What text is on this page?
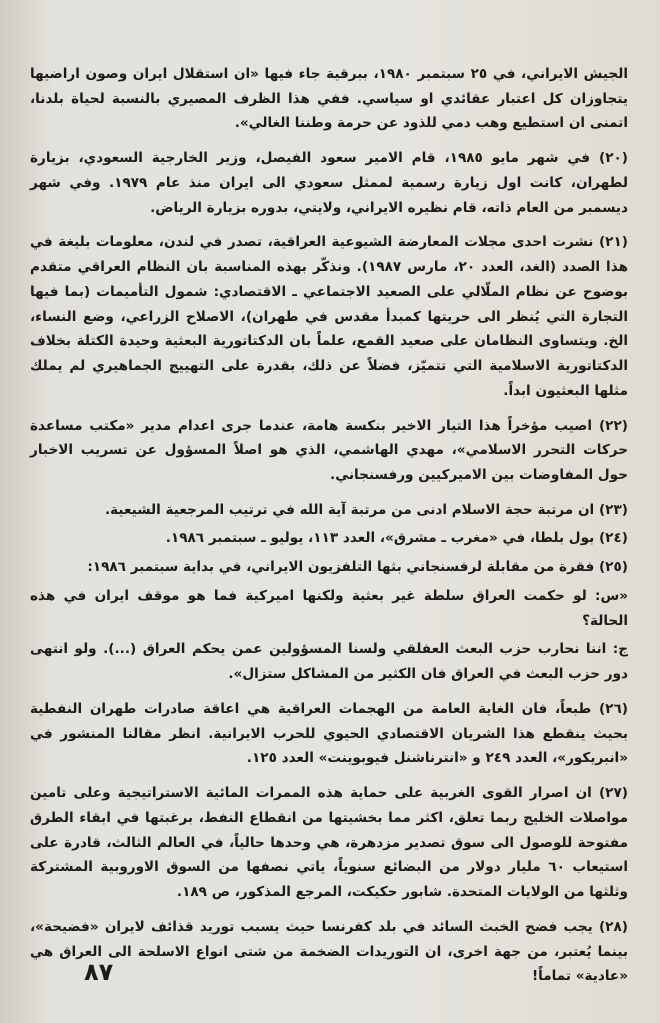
الجيش الايراني، في ٢٥ سبتمبر ١٩٨٠، ببرقية جاء فيها «ان استقلال ايران وصون اراضيها يتجاوزان كل اعتبار عقائدي او سياسي. ففي هذا الظرف المصيري بالنسبة لحياة بلدنا، اتمنى ان استطيع وهب دمي للذود عن حرمة وطننا الغالي».

(٢٠) في شهر مايو ١٩٨٥، قام الامير سعود الفيصل، وزير الخارجية السعودي، بزيارة لطهران، كانت اول زيارة رسمية لممثل سعودي الى ايران منذ عام ١٩٧٩. وفي شهر ديسمبر من العام ذاته، قام نظيره الايراني، ولايتي، بدوره بزيارة الرياض.

(٢١) نشرت احدى مجلات المعارضة الشيوعية العراقية، تصدر في لندن، معلومات بليغة في هذا الصدد (الغد، العدد ٢٠، مارس ١٩٨٧). ونذكّر بهذه المناسبة بان النظام العراقي متقدم بوضوح عن نظام الملّالي على الصعيد الاجتماعي ـ الاقتصادي: شمول التأميمات (بما فيها التجارة التي يُنظر الى حريتها كمبدأ مقدس في طهران)، الاصلاح الزراعي، وضع النساء، الخ. ويتساوى النظامان على صعيد القمع، علماً بان الدكتاتورية البعثية وحيدة الكتلة بخلاف الدكتاتورية الاسلامية التي تتميّز، فضلاً عن ذلك، بقدرة على التهييج الجماهيري لم يملك مثلها البعثيون ابداً.

(٢٢) اصيب مؤخراً هذا التيار الاخير بنكسة هامة، عندما جرى اعدام مدير «مكتب مساعدة حركات التحرر الاسلامي»، مهدي الهاشمي، الذي هو اصلاً المسؤول عن تسريب الاخبار حول المفاوضات بين الاميركيين ورفسنجاني.

(٢٣) ان مرتبة حجة الاسلام ادنى من مرتبة آية الله في ترتيب المرجعية الشيعية.

(٢٤) بول بلطا، في «مغرب ـ مشرق»، العدد ١١٣، يوليو ـ سبتمبر ١٩٨٦.

(٢٥) فقرة من مقابلة لرفسنجاني بثها التلفزيون الايراني، في بداية سبتمبر ١٩٨٦:

«س: لو حكمت العراق سلطة غير بعثية ولكنها اميركية فما هو موقف ايران في هذه الحالة؟

ج: اننا نحارب حزب البعث العفلقي ولسنا المسؤولين عمن يحكم العراق (...). ولو انتهى دور حزب البعث في العراق فان الكثير من المشاكل ستزال».

(٢٦) طبعاً، فان الغاية العامة من الهجمات العراقية هي اعاقة صادرات طهران النفطية بحيث ينقطع هذا الشريان الاقتصادي الحيوي للحرب الايرانية. انظر مقالنا المنشور في «انبريكور»، العدد ٢٤٩ و «انترناشنل فيوبوينت» العدد ١٢٥.

(٢٧) ان اصرار القوى الغربية على حماية هذه الممرات المائية الاستراتيجية وعلى تامين مواصلات الخليج ربما تعلق، اكثر مما بخشيتها من انقطاع النفط، برغبتها في ابقاء الطرق مفتوحة للوصول الى سوق تصدير مزدهرة، هي وحدها حالياً، في العالم الثالث، قادرة على استيعاب ٦٠ مليار دولار من البضائع سنوياً، ياتي نصفها من السوق الاوروبية المشتركة وثلثها من الولايات المتحدة. شابور حكيكت، المرجع المذكور، ص ١٨٩.

(٢٨) يجب فضح الخبث السائد في بلد كفرنسا حيث يسبب توريد قذائف لايران «فضيحة»، بينما يُعتبر، من جهة اخرى، ان التوريدات الضخمة من شتى انواع الاسلحة الى العراق هي «عادية» تماماً!

٨٧
